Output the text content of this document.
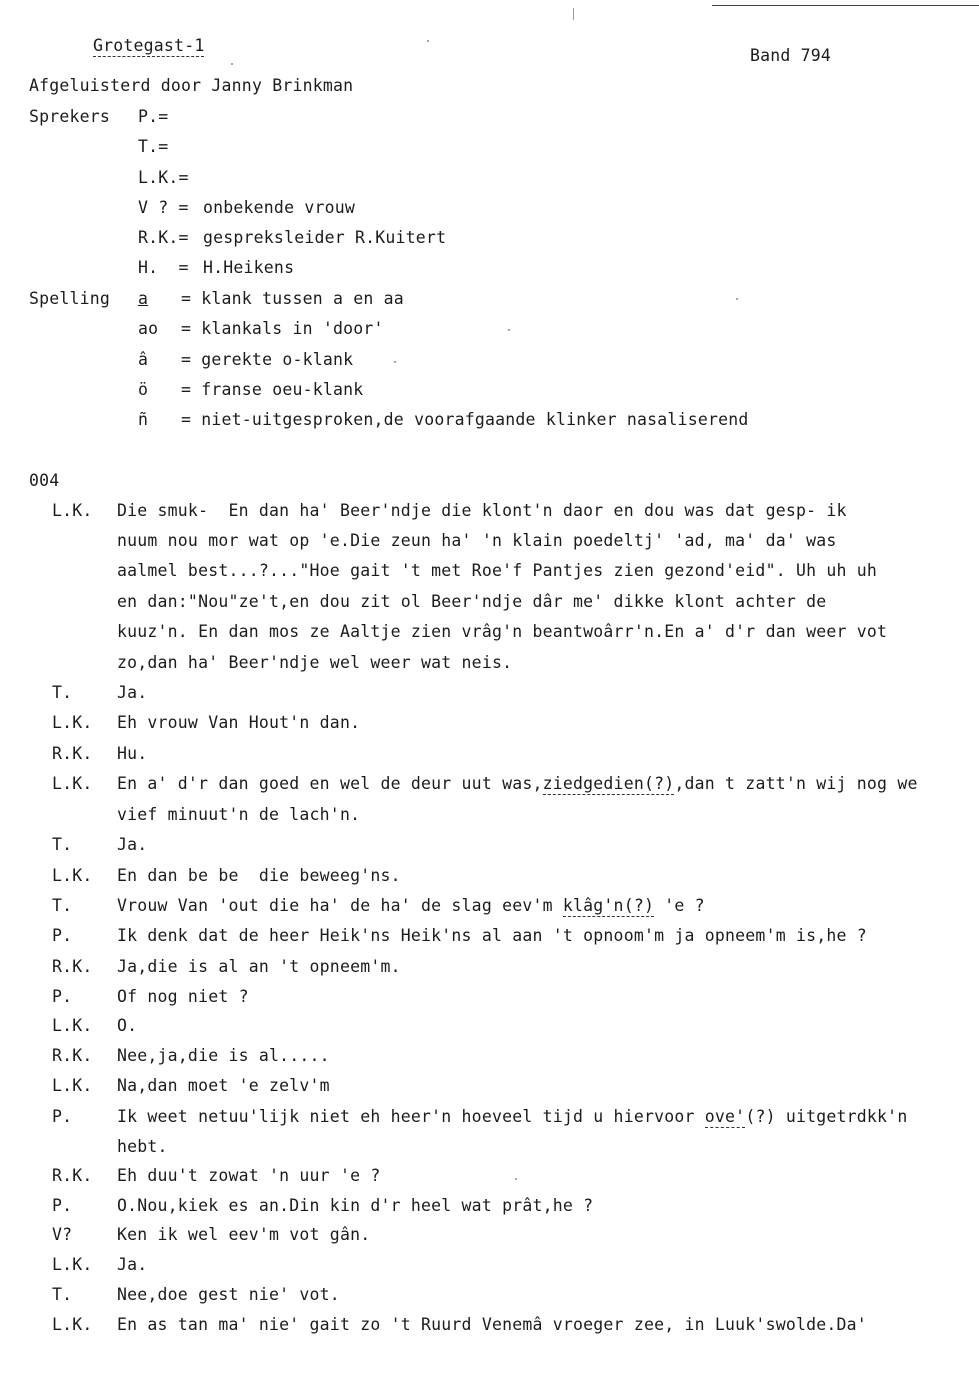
Grotegast-1
Band 794
Afgeluisterd door Janny Brinkman
Sprekers P.=
T.=
L.K.=
V ? = onbekende vrouw
R.K.= gespreksleider R.Kuitert
H.  = H.Heikens
Spelling a = klank tussen a en aa
ao = klankals in 'door'
â = gerekte o-klank
ö = franse oeu-klank
ñ = niet-uitgesproken,de voorafgaande klinker nasaliserend
004
L.K. Die smuk-  En dan ha' Beer'ndje die klont'n daor en dou was dat gesp- ik
nuum nou mor wat op 'e.Die zeun ha' 'n klain poedeltj' 'ad, ma' da' was
aalmel best...?..."Hoe gait 't met Roe'f Pantjes zien gezond'eid". Uh uh uh
en dan:"Nou"ze't,en dou zit ol Beer'ndje dâr me' dikke klont achter de
kuuz'n. En dan mos ze Aaltje zien vrâg'n beantwoârr'n.En a' d'r dan weer vot
zo,dan ha' Beer'ndje wel weer wat neis.
T.	Ja.
L.K. Eh vrouw Van Hout'n dan.
R.K. Hu.
L.K. En a' d'r dan goed en wel de deur uut was,ziedgedien(?),dan t zatt'n wij nog we
vief minuut'n de lach'n.
T.	Ja.
L.K. En dan be be  die beweeg'ns.
T.	Vrouw Van 'out die ha' de ha' de slag eev'm klâg'n(?) 'e ?
P.	Ik denk dat de heer Heik'ns Heik'ns al aan 't opnoom'm ja opneem'm is,he ?
R.K. Ja,die is al an 't opneem'm.
P.	Of nog niet ?
L.K. O.
R.K. Nee,ja,die is al.....
L.K. Na,dan moet 'e zelv'm
P.	Ik weet netuu'lijk niet eh heer'n hoeveel tijd u hiervoor ove'(?) uitgetrdkk'n
hebt.
R.K. Eh duu't zowat 'n uur 'e ?
P.	O.Nou,kiek es an.Din kin d'r heel wat prât,he ?
V?	Ken ik wel eev'm vot gân.
L.K. Ja.
T.	Nee,doe gest nie' vot.
L.K. En as tan ma' nie' gait zo 't Ruurd Venemâ vroeger zee, in Luuk'swolde.Da'
